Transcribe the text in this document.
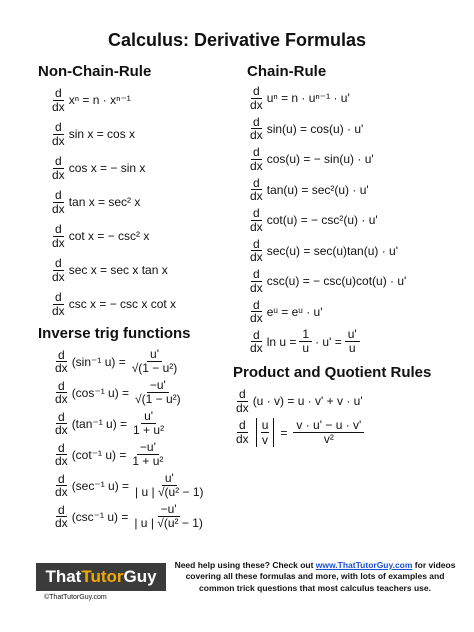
Calculus: Derivative Formulas
Non-Chain-Rule	Chain-Rule
Inverse trig functions
Product and Quotient Rules
d
dx xⁿ = n · xⁿ⁻¹
d
dx sin x = cos x
d
dx cos x = − sin x
d
dx tan x = sec² x
d
dx cot x = − csc² x
d
dx sec x = sec x tan x
d
dx csc x = − csc x cot x
d
dx uⁿ = n · uⁿ⁻¹ · u'
d
dx sin(u) = cos(u) · u'
d
dx cos(u) = − sin(u) · u'
d
dx tan(u) = sec²(u) · u'
d
dx cot(u) = − csc²(u) · u'
d
dx sec(u) = sec(u)tan(u) · u'
d
dx csc(u) = − csc(u)cot(u) · u'
d
dx eᵘ = eᵘ · u'
d
dx $\ln u = \frac{1}{u} \cdot u' = \frac{u'}{u}$
d
dx (sin⁻¹ $u) = \frac{u'}{\text{√(1 − u²)}}$
d
dx (cos⁻¹ $u) = \frac{-u'}{\text{√(1 − u²)}}$
d
dx (tan⁻¹ $u) = \frac{u'}{\text{1 + u²}}$
d
dx (cot⁻¹ $u) = \frac{-u'}{\text{1 + u²}}$
d
dx (sec⁻¹ $u) = \frac{u'}{\text{| u | √(u² − 1)}}$
d
dx (csc⁻¹ $u) = \frac{-u'}{\text{| u | √(u² − 1)}}$
d
dx (u · v) = u · v' + v · u'
d
dx $\frac{u}{v} = \frac{v \cdot u' - u \cdot v'}{\text{v²}}$
That Tutor Guy
©ThatTutorGuy.com
Need help using these? Check out www.ThatTutorGuy.com for videos covering all these formulas and more, with lots of examples and common trick questions that most calculus teachers use.
